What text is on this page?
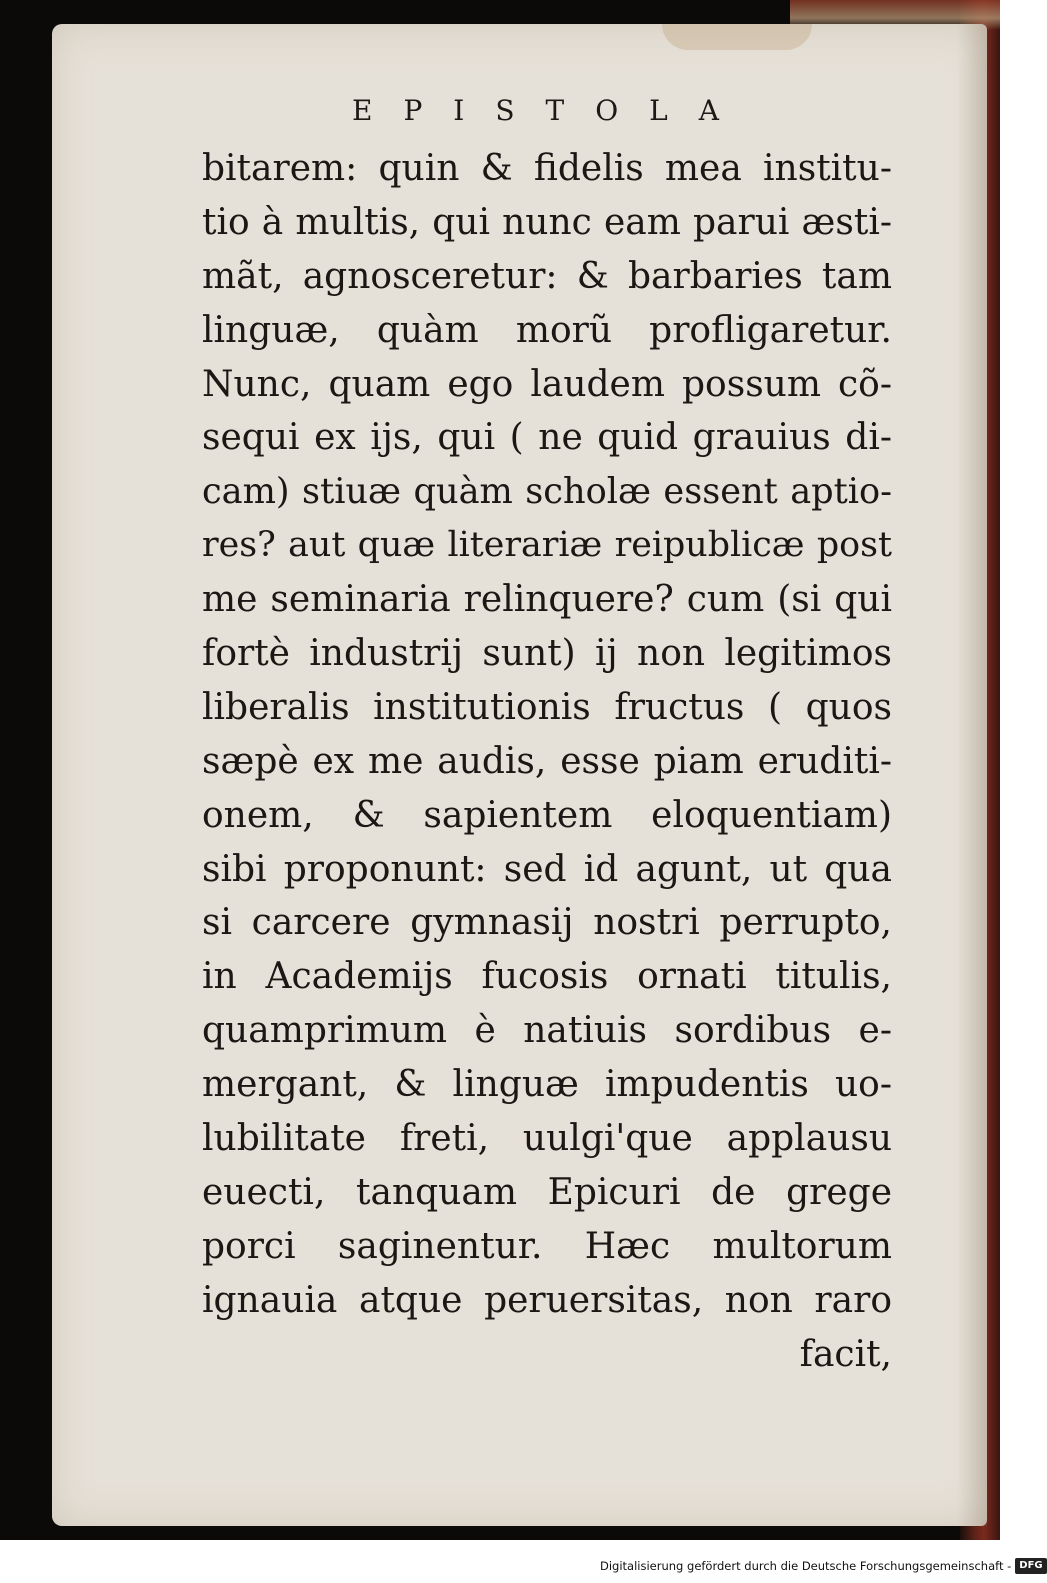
EPISTOLA
bitarem: quin & fidelis mea institu-
tio à multis, qui nunc eam parui æsti-
mãt, agnosceretur: & barbaries tam
linguæ, quàm morũ profligaretur.
Nunc, quam ego laudem possum cõ-
sequi ex ijs, qui ( ne quid grauius di-
cam) stiuæ quàm scholæ essent aptio-
res? aut quæ literariæ reipublicæ post
me seminaria relinquere? cum (si qui
fortè industrij sunt) ij non legitimos
liberalis institutionis fructus ( quos
sæpè ex me audis, esse piam eruditi-
onem, & sapientem eloquentiam)
sibi proponunt: sed id agunt, ut qua
si carcere gymnasij nostri perrupto,
in Academijs fucosis ornati titulis,
quamprimum è natiuis sordibus e-
mergant, & linguæ impudentis uo-
lubilitate freti, uulgi'que applausu
euecti, tanquam Epicuri de grege
porci saginentur. Hæc multorum
ignauia atque peruersitas, non raro
facit,
Digitalisierung gefördert durch die Deutsche Forschungsgemeinschaft - DFG
